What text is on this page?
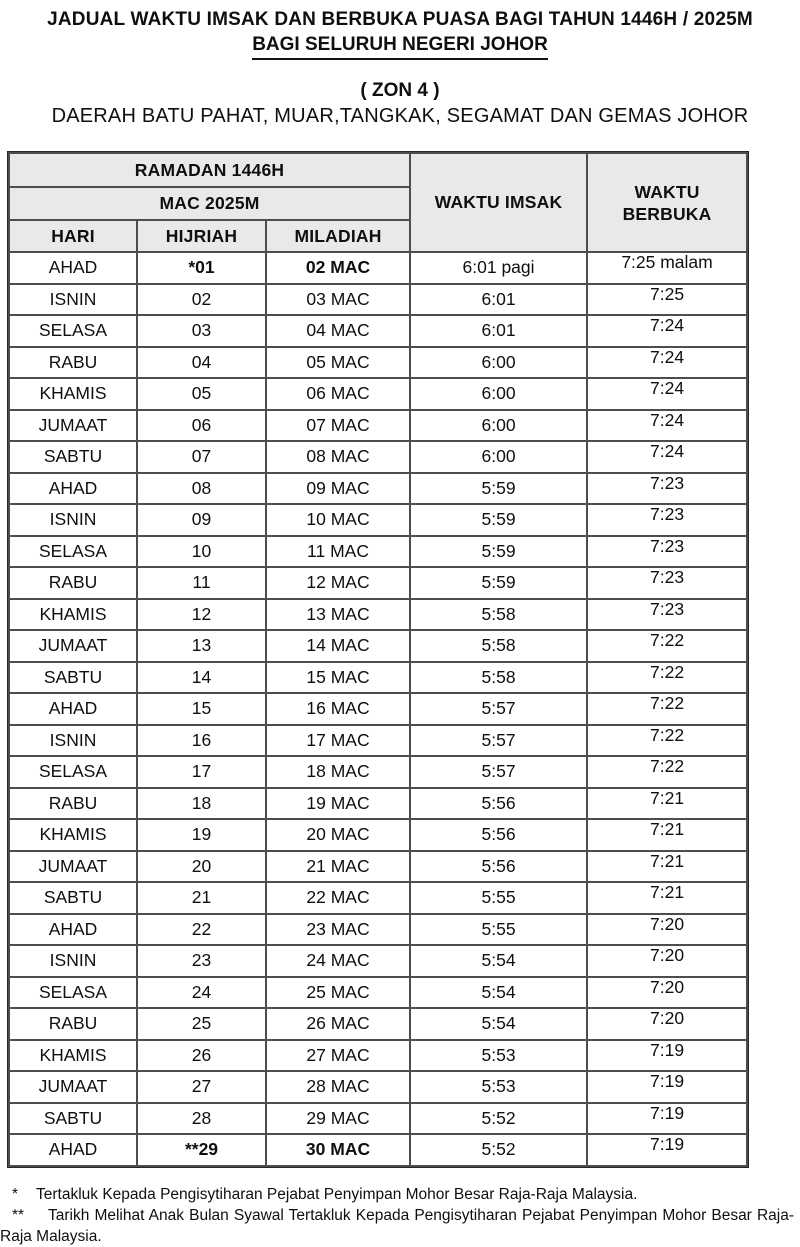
JADUAL WAKTU IMSAK DAN BERBUKA PUASA BAGI TAHUN 1446H / 2025M
BAGI SELURUH NEGERI JOHOR
( ZON 4 )
DAERAH BATU PAHAT, MUAR,TANGKAK, SEGAMAT DAN GEMAS JOHOR
RAMADAN 1446H			WAKTU IMSAK	WAKTU BERBUKA
MAC 2025M				
HARI	HIJRIAH	MILADIAH		
AHAD	*01	02 MAC	6:01 pagi	7:25 malam
ISNIN	02	03 MAC	6:01	7:25
SELASA	03	04 MAC	6:01	7:24
RABU	04	05 MAC	6:00	7:24
KHAMIS	05	06 MAC	6:00	7:24
JUMAAT	06	07 MAC	6:00	7:24
SABTU	07	08 MAC	6:00	7:24
AHAD	08	09 MAC	5:59	7:23
ISNIN	09	10 MAC	5:59	7:23
SELASA	10	11 MAC	5:59	7:23
RABU	11	12 MAC	5:59	7:23
KHAMIS	12	13 MAC	5:58	7:23
JUMAAT	13	14 MAC	5:58	7:22
SABTU	14	15 MAC	5:58	7:22
AHAD	15	16 MAC	5:57	7:22
ISNIN	16	17 MAC	5:57	7:22
SELASA	17	18 MAC	5:57	7:22
RABU	18	19 MAC	5:56	7:21
KHAMIS	19	20 MAC	5:56	7:21
JUMAAT	20	21 MAC	5:56	7:21
SABTU	21	22 MAC	5:55	7:21
AHAD	22	23 MAC	5:55	7:20
ISNIN	23	24 MAC	5:54	7:20
SELASA	24	25 MAC	5:54	7:20
RABU	25	26 MAC	5:54	7:20
KHAMIS	26	27 MAC	5:53	7:19
JUMAAT	27	28 MAC	5:53	7:19
SABTU	28	29 MAC	5:52	7:19
AHAD	**29	30 MAC	5:52	7:19

* Tertakluk Kepada Pengisytiharan Pejabat Penyimpan Mohor Besar Raja-Raja Malaysia.

** Tarikh Melihat Anak Bulan Syawal Tertakluk Kepada Pengisytiharan Pejabat Penyimpan Mohor Besar Raja-Raja Malaysia.
